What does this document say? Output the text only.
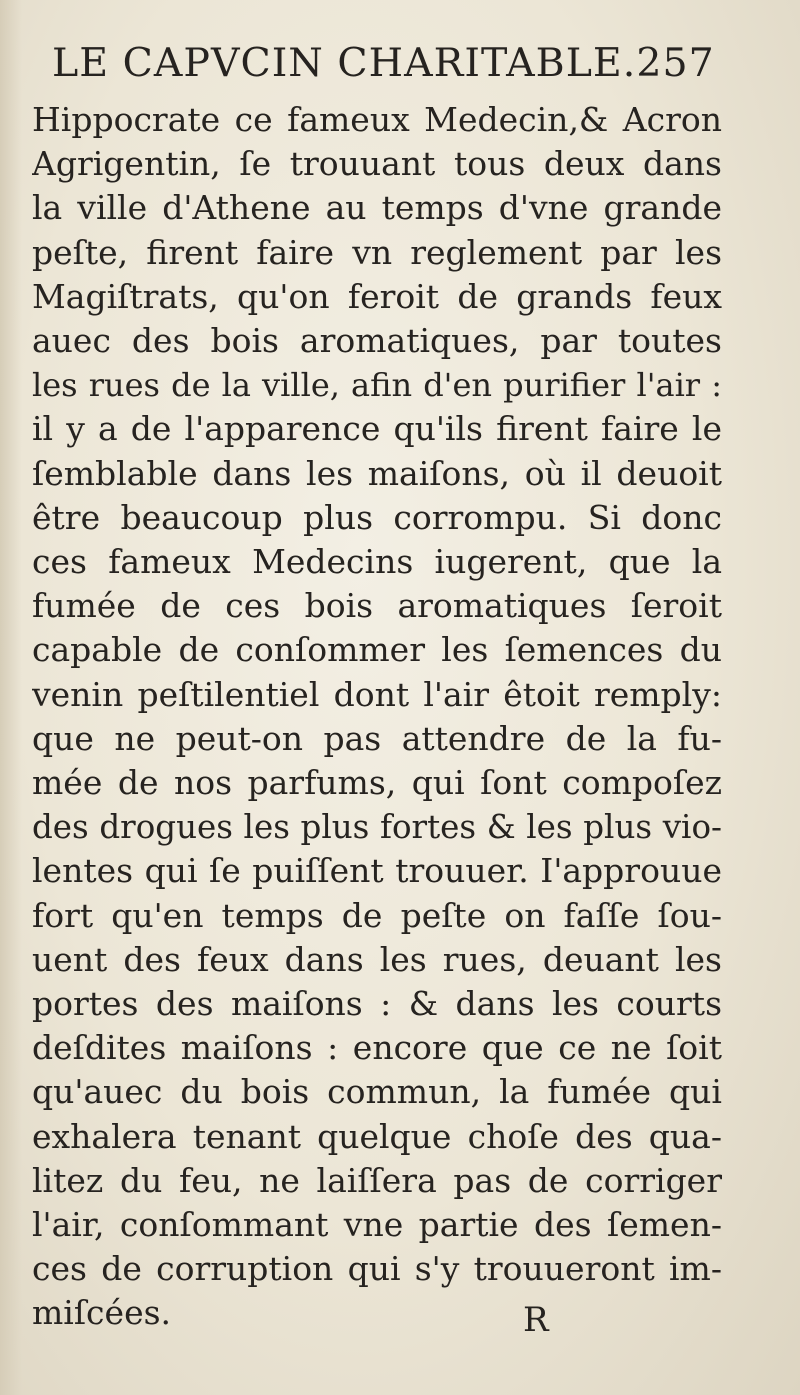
LE CAPVCIN CHARITABLE.257
Hippocrate ce fameux Medecin,& Acron
Agrigentin, ſe trouuant tous deux dans
la ville d'Athene au temps d'vne grande
peſte, firent faire vn reglement par les
Magiſtrats, qu'on feroit de grands feux
auec des bois aromatiques, par toutes
les rues de la ville, afin d'en purifier l'air :
il y a de l'apparence qu'ils firent faire le
ſemblable dans les maiſons, où il deuoit
être beaucoup plus corrompu. Si donc
ces fameux Medecins iugerent, que la
fumée de ces bois aromatiques ſeroit
capable de conſommer les ſemences du
venin peſtilentiel dont l'air êtoit remply:
que ne peut-on pas attendre de la fu-
mée de nos parfums, qui ſont compoſez
des drogues les plus fortes & les plus vio-
lentes qui ſe puiſſent trouuer. I'approuue
fort qu'en temps de peſte on faſſe ſou-
uent des feux dans les rues, deuant les
portes des maiſons : & dans les courts
deſdites maiſons : encore que ce ne ſoit
qu'auec du bois commun, la fumée qui
exhalera tenant quelque choſe des qua-
litez du feu, ne laiſſera pas de corriger
l'air, conſommant vne partie des ſemen-
ces de corruption qui s'y trouueront im-
miſcées.	R
